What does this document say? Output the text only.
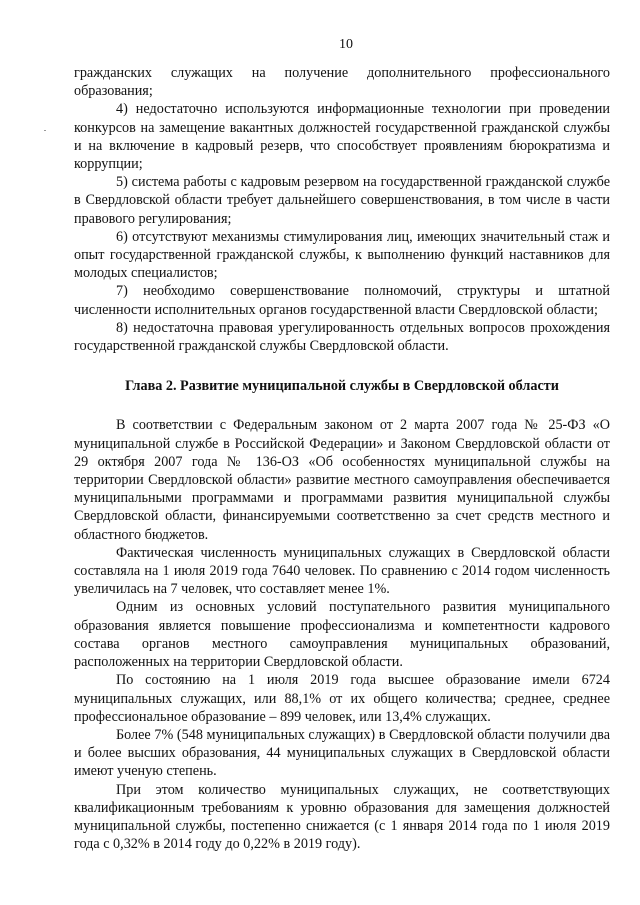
10

гражданских служащих на получение дополнительного профессионального образования;

4) недостаточно используются информационные технологии при проведении конкурсов на замещение вакантных должностей государственной гражданской службы и на включение в кадровый резерв, что способствует проявлениям бюрократизма и коррупции;

5) система работы с кадровым резервом на государственной гражданской службе в Свердловской области требует дальнейшего совершенствования, в том числе в части правового регулирования;

6) отсутствуют механизмы стимулирования лиц, имеющих значительный стаж и опыт государственной гражданской службы, к выполнению функций наставников для молодых специалистов;

7) необходимо совершенствование полномочий, структуры и штатной численности исполнительных органов государственной власти Свердловской области;

8) недостаточна правовая урегулированность отдельных вопросов прохождения государственной гражданской службы Свердловской области.

Глава 2. Развитие муниципальной службы в Свердловской области

В соответствии с Федеральным законом от 2 марта 2007 года № 25-ФЗ «О муниципальной службе в Российской Федерации» и Законом Свердловской области от 29 октября 2007 года № 136-ОЗ «Об особенностях муниципальной службы на территории Свердловской области» развитие местного самоуправления обеспечивается муниципальными программами и программами развития муниципальной службы Свердловской области, финансируемыми соответственно за счет средств местного и областного бюджетов.

Фактическая численность муниципальных служащих в Свердловской области составляла на 1 июля 2019 года 7640 человек. По сравнению с 2014 годом численность увеличилась на 7 человек, что составляет менее 1%.

Одним из основных условий поступательного развития муниципального образования является повышение профессионализма и компетентности кадрового состава органов местного самоуправления муниципальных образований, расположенных на территории Свердловской области.

По состоянию на 1 июля 2019 года высшее образование имели 6724 муниципальных служащих, или 88,1% от их общего количества; среднее, среднее профессиональное образование – 899 человек, или 13,4% служащих.

Более 7% (548 муниципальных служащих) в Свердловской области получили два и более высших образования, 44 муниципальных служащих в Свердловской области имеют ученую степень.

При этом количество муниципальных служащих, не соответствующих квалификационным требованиям к уровню образования для замещения должностей муниципальной службы, постепенно снижается (с 1 января 2014 года по 1 июля 2019 года с 0,32% в 2014 году до 0,22% в 2019 году).
